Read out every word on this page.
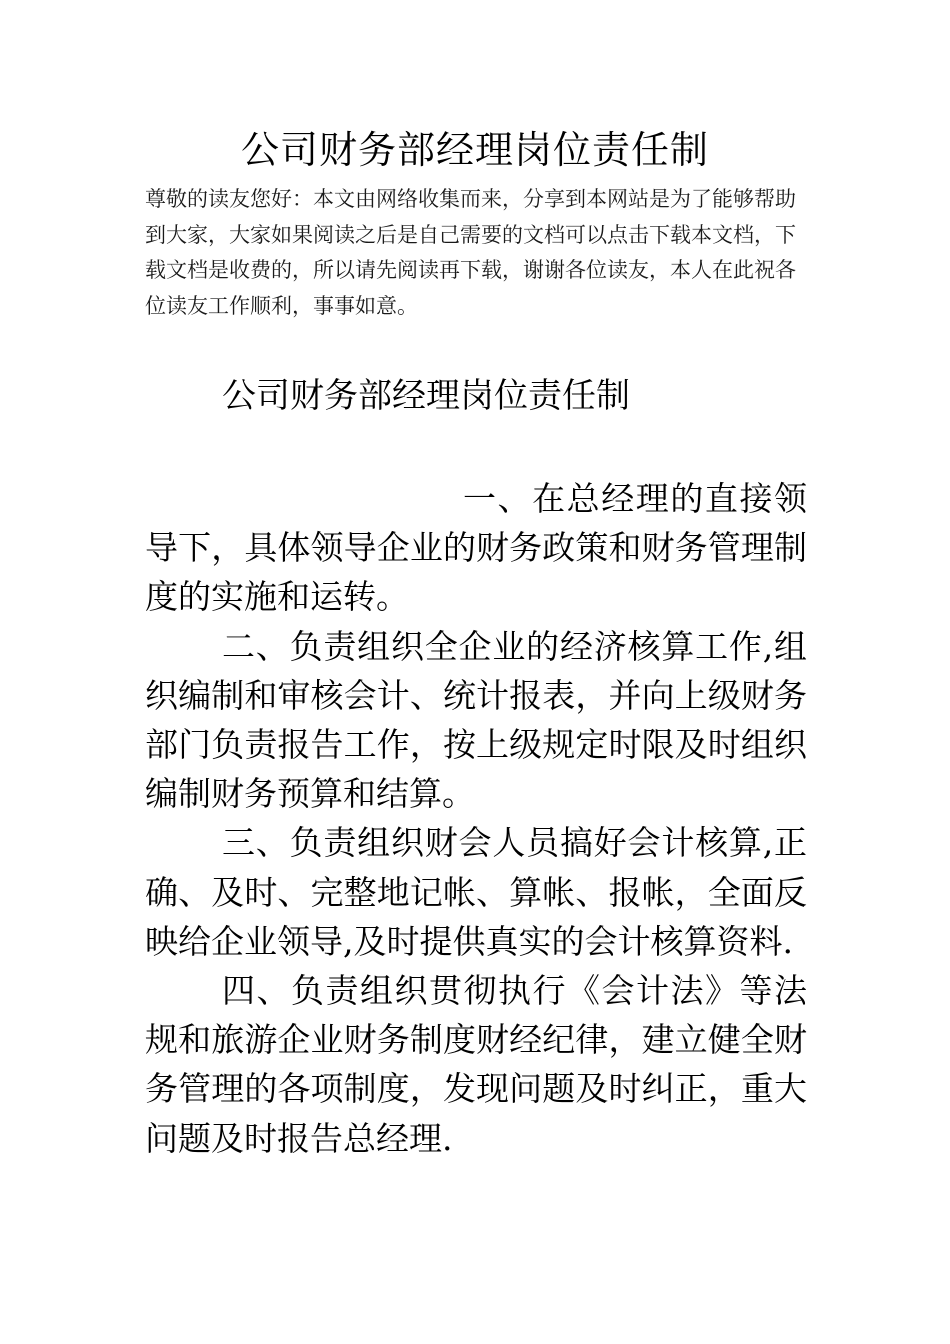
公司财务部经理岗位责任制

尊敬的读友您好：本文由网络收集而来，分享到本网站是为了能够帮助到大家，大家如果阅读之后是自己需要的文档可以点击下载本文档，下载文档是收费的，所以请先阅读再下载，谢谢各位读友，本人在此祝各位读友工作顺利，事事如意。

公司财务部经理岗位责任制

一、在总经理的直接领导下，具体领导企业的财务政策和财务管理制度的实施和运转。

二、负责组织全企业的经济核算工作,组织编制和审核会计、统计报表，并向上级财务部门负责报告工作，按上级规定时限及时组织编制财务预算和结算。

三、负责组织财会人员搞好会计核算,正确、及时、完整地记帐、算帐、报帐，全面反映给企业领导,及时提供真实的会计核算资料.

四、负责组织贯彻执行《会计法》等法规和旅游企业财务制度财经纪律，建立健全财务管理的各项制度，发现问题及时纠正，重大问题及时报告总经理.
